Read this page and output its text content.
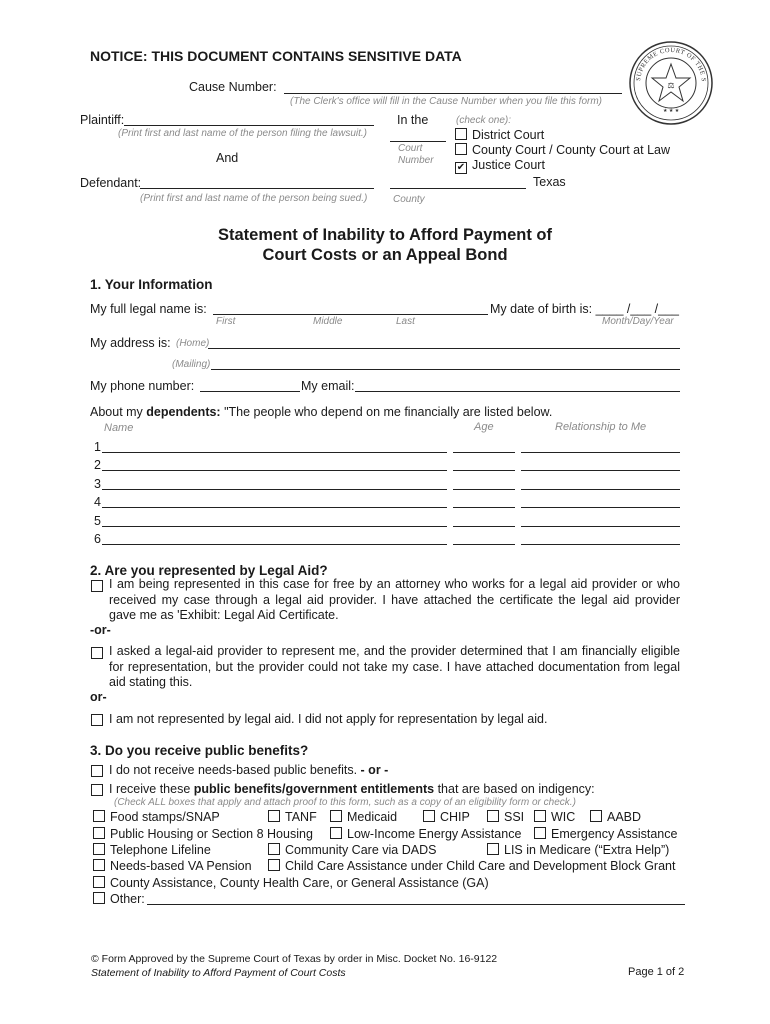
NOTICE: THIS DOCUMENT CONTAINS SENSITIVE DATA
⚖
★ ★ ★
SUPREME COURT OF THE S
Cause Number:
(The Clerk's office will fill in the Cause Number when you file this form)
Plaintiff:
(Print first and last name of the person filing the lawsuit.)
And
Defendant:
(Print first and last name of the person being sued.)
In the
Court
Number
(check one):
District Court
County Court / County Court at Law
✔ Justice Court
Texas
County
Statement of Inability to Afford Payment of
Court Costs or an Appeal Bond
1. Your Information
My full legal name is:	My date of birth is: ____ /___ /___
First	Middle	Last	Month/Day/Year
My address is: (Home)
(Mailing)
My phone number:	My email:
About my dependents: "The people who depend on me financially are listed below.
Name	Age	Relationship to Me
1
2
3
4
5
6
2. Are you represented by Legal Aid?
I am being represented in this case for free by an attorney who works for a legal aid provider or who received my case through a legal aid provider. I have attached the certificate the legal aid provider gave me as 'Exhibit: Legal Aid Certificate.
-or-
I asked a legal-aid provider to represent me, and the provider determined that I am financially eligible for representation, but the provider could not take my case. I have attached documentation from legal aid stating this.
or-
I am not represented by legal aid. I did not apply for representation by legal aid.
3. Do you receive public benefits?
I do not receive needs-based public benefits. - or -
I receive these public benefits/government entitlements that are based on indigency:
(Check ALL boxes that apply and attach proof to this form, such as a copy of an eligibility form or check.)
Food stamps/SNAP	TANF	Medicaid	CHIP	SSI	WIC	AABD
Public Housing or Section 8 Housing	Low-Income Energy Assistance	Emergency Assistance
Telephone Lifeline	Community Care via DADS	LIS in Medicare (“Extra Help”)
Needs-based VA Pension	Child Care Assistance under Child Care and Development Block Grant
County Assistance, County Health Care, or General Assistance (GA)
Other:
© Form Approved by the Supreme Court of Texas by order in Misc. Docket No. 16-9122
Statement of Inability to Afford Payment of Court Costs	Page 1 of 2
